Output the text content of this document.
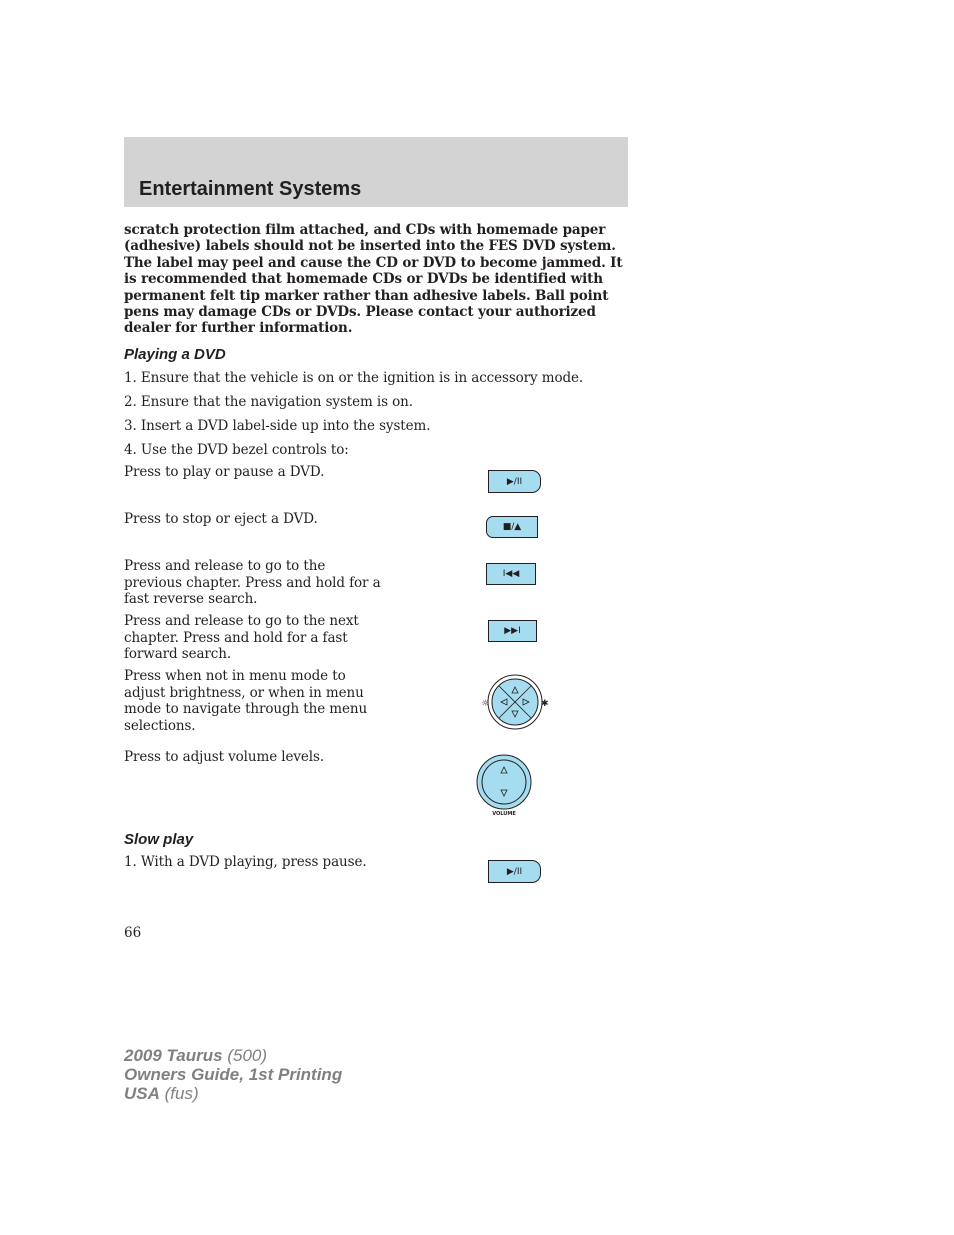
Entertainment Systems

scratch protection film attached, and CDs with homemade paper (adhesive) labels should not be inserted into the FES DVD system. The label may peel and cause the CD or DVD to become jammed. It is recommended that homemade CDs or DVDs be identified with permanent felt tip marker rather than adhesive labels. Ball point pens may damage CDs or DVDs. Please contact your authorized dealer for further information.

Playing a DVD

1. Ensure that the vehicle is on or the ignition is in accessory mode.

2. Ensure that the navigation system is on.

3. Insert a DVD label-side up into the system.

4. Use the DVD bezel controls to:

Press to play or pause a DVD.

▶/II

Press to stop or eject a DVD.	■/▲

Press and release to go to the previous chapter. Press and hold for a fast reverse search.

I◀◀

Press and release to go to the next chapter. Press and hold for a fast forward search.

▶▶I

Press when not in menu mode to adjust brightness, or when in menu mode to navigate through the menu selections.

☼	✱

Press to adjust volume levels.

VOLUME
Slow play

1. With a DVD playing, press pause.

▶/II

66

2009 Taurus (500)
Owners Guide, 1st Printing
USA (fus)
